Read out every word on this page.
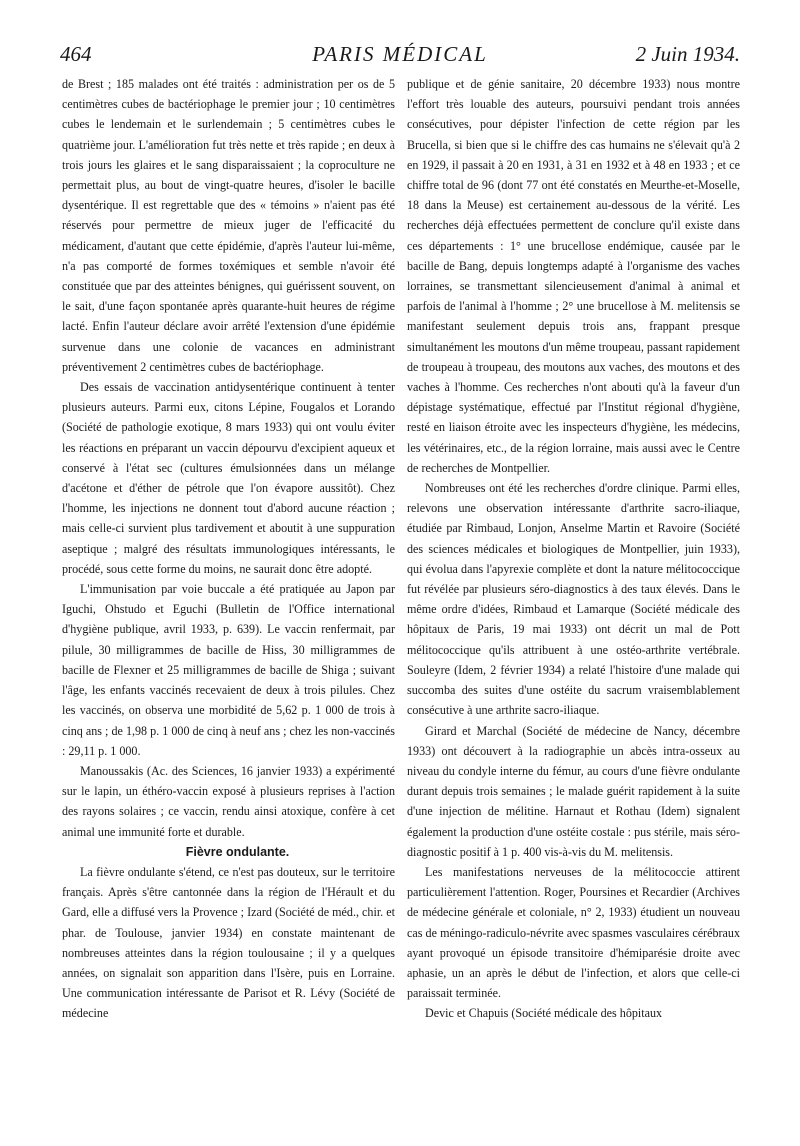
464	PARIS MÉDICAL	2 Juin 1934.

de Brest ; 185 malades ont été traités : administration per os de 5 centimètres cubes de bactériophage le premier jour ; 10 centimètres cubes le lendemain et le surlendemain ; 5 centimètres cubes le quatrième jour. L'amélioration fut très nette et très rapide ; en deux à trois jours les glaires et le sang disparaissaient ; la coproculture ne permettait plus, au bout de vingt-quatre heures, d'isoler le bacille dysentérique. Il est regrettable que des « témoins » n'aient pas été réservés pour permettre de mieux juger de l'efficacité du médicament, d'autant que cette épidémie, d'après l'auteur lui-même, n'a pas comporté de formes toxémiques et semble n'avoir été constituée que par des atteintes bénignes, qui guérissent souvent, on le sait, d'une façon spontanée après quarante-huit heures de régime lacté. Enfin l'auteur déclare avoir arrêté l'extension d'une épidémie survenue dans une colonie de vacances en administrant préventivement 2 centimètres cubes de bactériophage.

Des essais de vaccination antidysentérique continuent à tenter plusieurs auteurs. Parmi eux, citons Lépine, Fougalos et Lorando (Société de pathologie exotique, 8 mars 1933) qui ont voulu éviter les réactions en préparant un vaccin dépourvu d'excipient aqueux et conservé à l'état sec (cultures émulsionnées dans un mélange d'acétone et d'éther de pétrole que l'on évapore aussitôt). Chez l'homme, les injections ne donnent tout d'abord aucune réaction ; mais celle-ci survient plus tardivement et aboutit à une suppuration aseptique ; malgré des résultats immunologiques intéressants, le procédé, sous cette forme du moins, ne saurait donc être adopté.

L'immunisation par voie buccale a été pratiquée au Japon par Iguchi, Ohstudo et Eguchi (Bulletin de l'Office international d'hygiène publique, avril 1933, p. 639). Le vaccin renfermait, par pilule, 30 milligrammes de bacille de Hiss, 30 milligrammes de bacille de Flexner et 25 milligrammes de bacille de Shiga ; suivant l'âge, les enfants vaccinés recevaient de deux à trois pilules. Chez les vaccinés, on observa une morbidité de 5,62 p. 1 000 de trois à cinq ans ; de 1,98 p. 1 000 de cinq à neuf ans ; chez les non-vaccinés : 29,11 p. 1 000.

Manoussakis (Ac. des Sciences, 16 janvier 1933) a expérimenté sur le lapin, un éthéro-vaccin exposé à plusieurs reprises à l'action des rayons solaires ; ce vaccin, rendu ainsi atoxique, confère à cet animal une immunité forte et durable.

Fièvre ondulante.

La fièvre ondulante s'étend, ce n'est pas douteux, sur le territoire français. Après s'être cantonnée dans la région de l'Hérault et du Gard, elle a diffusé vers la Provence ; Izard (Société de méd., chir. et phar. de Toulouse, janvier 1934) en constate maintenant de nombreuses atteintes dans la région toulousaine ; il y a quelques années, on signalait son apparition dans l'Isère, puis en Lorraine. Une communication intéressante de Parisot et R. Lévy (Société de médecine

publique et de génie sanitaire, 20 décembre 1933) nous montre l'effort très louable des auteurs, poursuivi pendant trois années consécutives, pour dépister l'infection de cette région par les Brucella, si bien que si le chiffre des cas humains ne s'élevait qu'à 2 en 1929, il passait à 20 en 1931, à 31 en 1932 et à 48 en 1933 ; et ce chiffre total de 96 (dont 77 ont été constatés en Meurthe-et-Moselle, 18 dans la Meuse) est certainement au-dessous de la vérité. Les recherches déjà effectuées permettent de conclure qu'il existe dans ces départements : 1° une brucellose endémique, causée par le bacille de Bang, depuis longtemps adapté à l'organisme des vaches lorraines, se transmettant silencieusement d'animal à animal et parfois de l'animal à l'homme ; 2° une brucellose à M. melitensis se manifestant seulement depuis trois ans, frappant presque simultanément les moutons d'un même troupeau, passant rapidement de troupeau à troupeau, des moutons aux vaches, des moutons et des vaches à l'homme. Ces recherches n'ont abouti qu'à la faveur d'un dépistage systématique, effectué par l'Institut régional d'hygiène, resté en liaison étroite avec les inspecteurs d'hygiène, les médecins, les vétérinaires, etc., de la région lorraine, mais aussi avec le Centre de recherches de Montpellier.

Nombreuses ont été les recherches d'ordre clinique. Parmi elles, relevons une observation intéressante d'arthrite sacro-iliaque, étudiée par Rimbaud, Lonjon, Anselme Martin et Ravoire (Société des sciences médicales et biologiques de Montpellier, juin 1933), qui évolua dans l'apyrexie complète et dont la nature mélitococcique fut révélée par plusieurs séro-diagnostics à des taux élevés. Dans le même ordre d'idées, Rimbaud et Lamarque (Société médicale des hôpitaux de Paris, 19 mai 1933) ont décrit un mal de Pott mélitococcique qu'ils attribuent à une ostéo-arthrite vertébrale. Souleyre (Idem, 2 février 1934) a relaté l'histoire d'une malade qui succomba des suites d'une ostéite du sacrum vraisemblablement consécutive à une arthrite sacro-iliaque.

Girard et Marchal (Société de médecine de Nancy, décembre 1933) ont découvert à la radiographie un abcès intra-osseux au niveau du condyle interne du fémur, au cours d'une fièvre ondulante durant depuis trois semaines ; le malade guérit rapidement à la suite d'une injection de mélitine. Harnaut et Rothau (Idem) signalent également la production d'une ostéite costale : pus stérile, mais séro-diagnostic positif à 1 p. 400 vis-à-vis du M. melitensis.

Les manifestations nerveuses de la mélitococcie attirent particulièrement l'attention. Roger, Poursines et Recardier (Archives de médecine générale et coloniale, n° 2, 1933) étudient un nouveau cas de méningo-radiculo-névrite avec spasmes vasculaires cérébraux ayant provoqué un épisode transitoire d'hémiparésie droite avec aphasie, un an après le début de l'infection, et alors que celle-ci paraissait terminée.

Devic et Chapuis (Société médicale des hôpitaux
